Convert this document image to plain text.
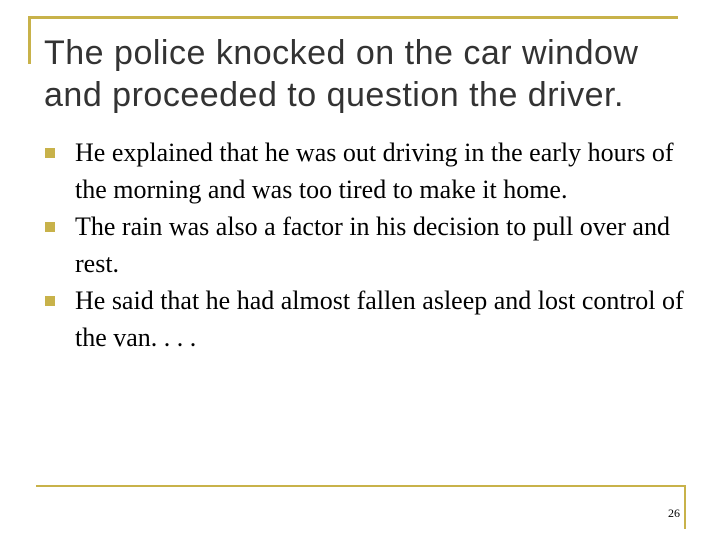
The police knocked on the car window and proceeded to question the driver.
He explained that he was out driving in the early hours of the morning and was too tired to make it home.
The rain was also a factor in his decision to pull over and rest.
He said that he had almost fallen asleep and lost control of the van. . . .
26
